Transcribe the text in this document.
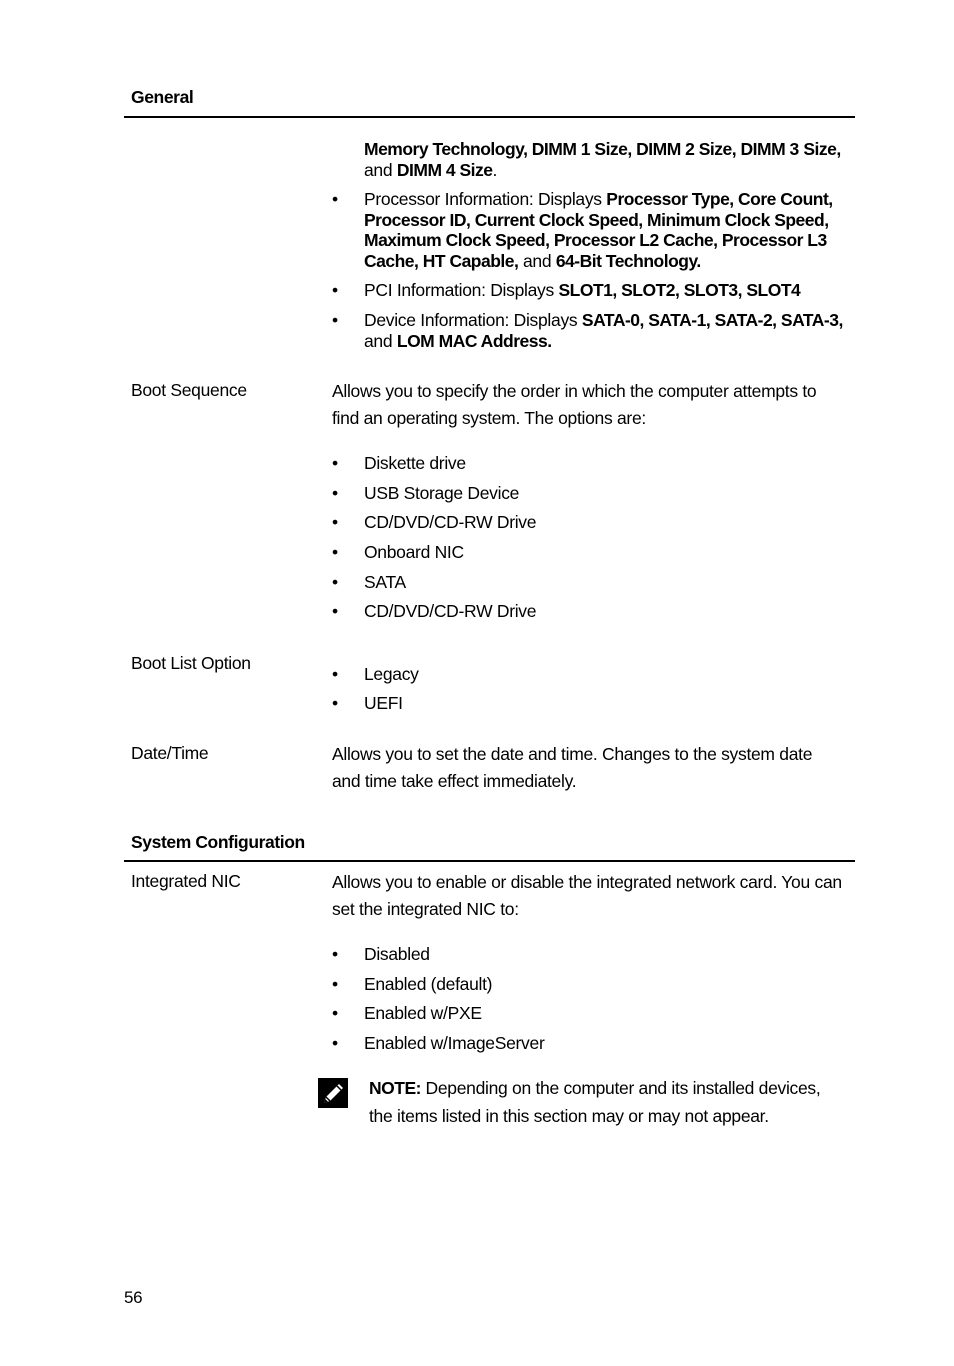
General
Memory Technology, DIMM 1 Size, DIMM 2 Size, DIMM 3 Size, and DIMM 4 Size.
• Processor Information: Displays Processor Type, Core Count, Processor ID, Current Clock Speed, Minimum Clock Speed, Maximum Clock Speed, Processor L2 Cache, Processor L3 Cache, HT Capable, and 64-Bit Technology.
• PCI Information: Displays SLOT1, SLOT2, SLOT3, SLOT4
• Device Information: Displays SATA-0, SATA-1, SATA-2, SATA-3, and LOM MAC Address.
Boot Sequence	Allows you to specify the order in which the computer attempts to find an operating system. The options are:
• Diskette drive
• USB Storage Device
• CD/DVD/CD-RW Drive
• Onboard NIC
• SATA
• CD/DVD/CD-RW Drive
Boot List Option
• Legacy
• UEFI
Date/Time	Allows you to set the date and time. Changes to the system date and time take effect immediately.
System Configuration
Integrated NIC	Allows you to enable or disable the integrated network card. You can set the integrated NIC to:
• Disabled
• Enabled (default)
• Enabled w/PXE
• Enabled w/ImageServer
NOTE: Depending on the computer and its installed devices, the items listed in this section may or may not appear.
56
